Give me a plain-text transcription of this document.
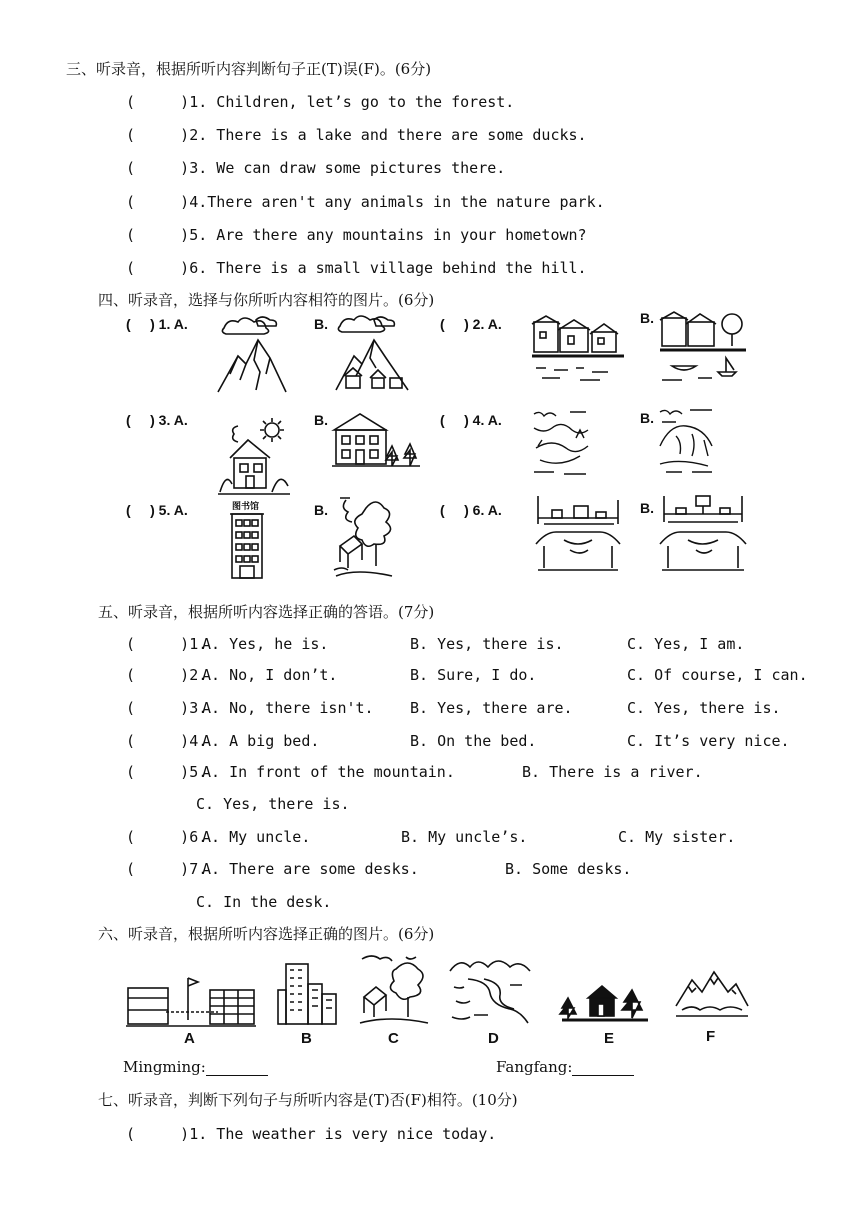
三、听录音，根据所听内容判断句子正(T)误(F)。(6分)
(     )1. Children, let’s go to the forest.
(     )2. There is a lake and there are some ducks.
(     )3. We can draw some pictures there.
(     )4.There aren't any animals in the nature park.
(     )5. Are there any mountains in your hometown?
(     )6. There is a small village behind the hill.
四、听录音，选择与你所听内容相符的图片。(6分)
(     ) 1. A.	B.	(     ) 2. A.	B.
(     ) 3. A.	B.	(     ) 4. A.	B.
(     ) 5. A.	图书馆	B.	(     ) 6. A.	B.
五、听录音，根据所听内容选择正确的答语。(7分)
(     )1.
A. Yes, he is.	B. Yes, there is.	C. Yes, I am.
(     )2.
A. No, I don’t.	B. Sure, I do.	C. Of course, I can.
(     )3.
A. No, there isn't. B. Yes, there are.	C. Yes, there is.
(     )4.
A. A big bed.	B. On the bed.	C. It’s very nice.
(     )5.
A. In front of the mountain.	B. There is a river.
C. Yes, there is.
(     )6.
A. My uncle.	B. My uncle’s.	C. My sister.
(     )7.
A. There are some desks.	B. Some desks.
C. In the desk.
六、听录音，根据所听内容选择正确的图片。(6分)
A	B	C	D	E	F
Mingming:	Fangfang:
七、听录音，判断下列句子与所听内容是(T)否(F)相符。(10分)
(     )1. The weather is very nice today.
